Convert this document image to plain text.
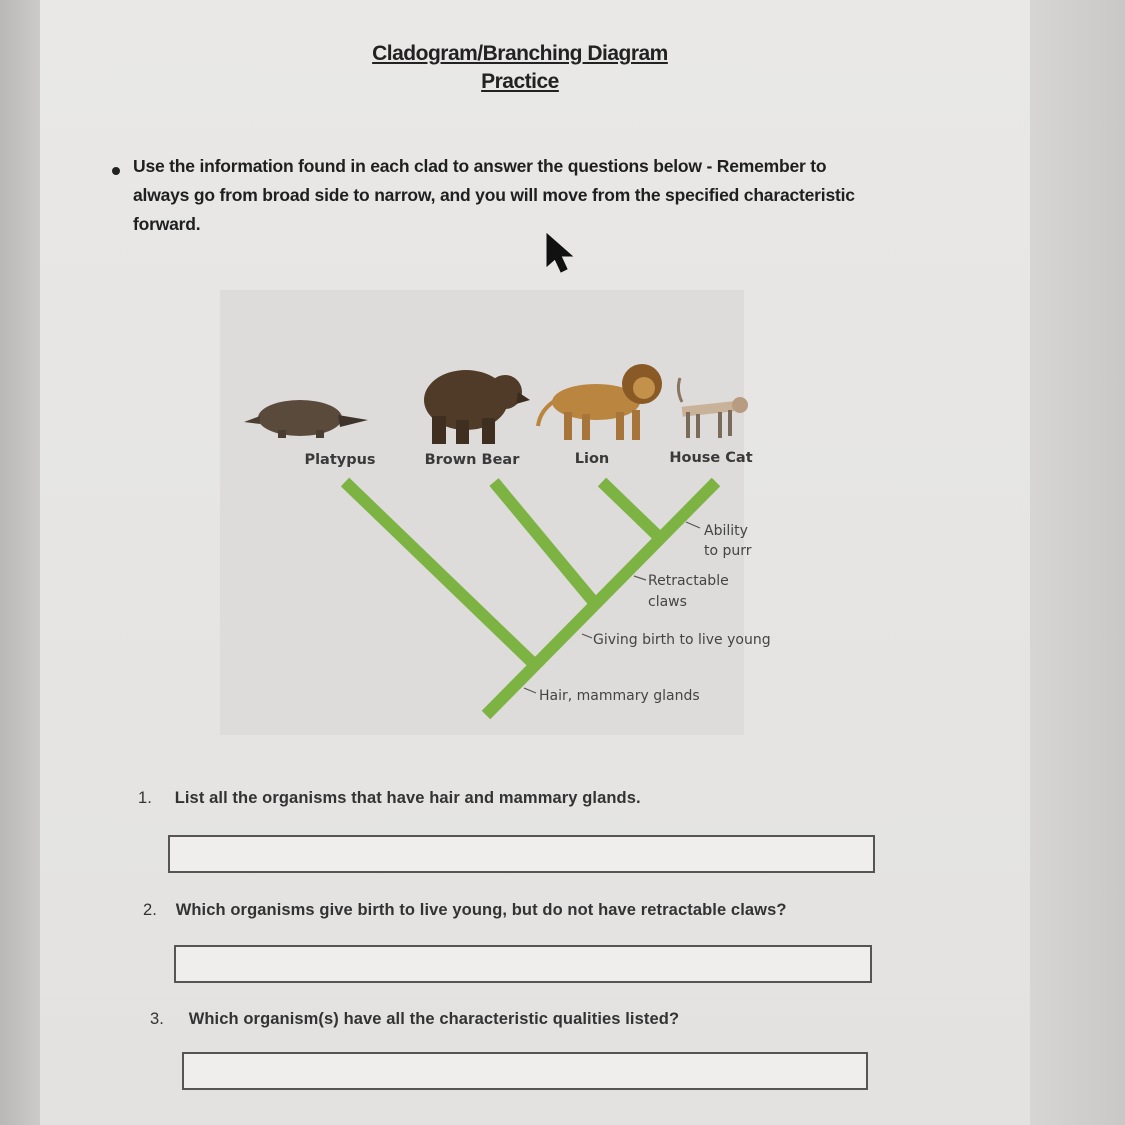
Cladogram/Branching Diagram
Practice
Use the information found in each clad to answer the questions below - Remember to always go from broad side to narrow, and you will move from the specified characteristic forward.
Platypus	Brown Bear	Lion	House Cat
Ability
to purr
Retractable
claws
Giving birth to live young
Hair, mammary glands
1. List all the organisms that have hair and mammary glands.
2. Which organisms give birth to live young, but do not have retractable claws?
3. Which organism(s) have all the characteristic qualities listed?
